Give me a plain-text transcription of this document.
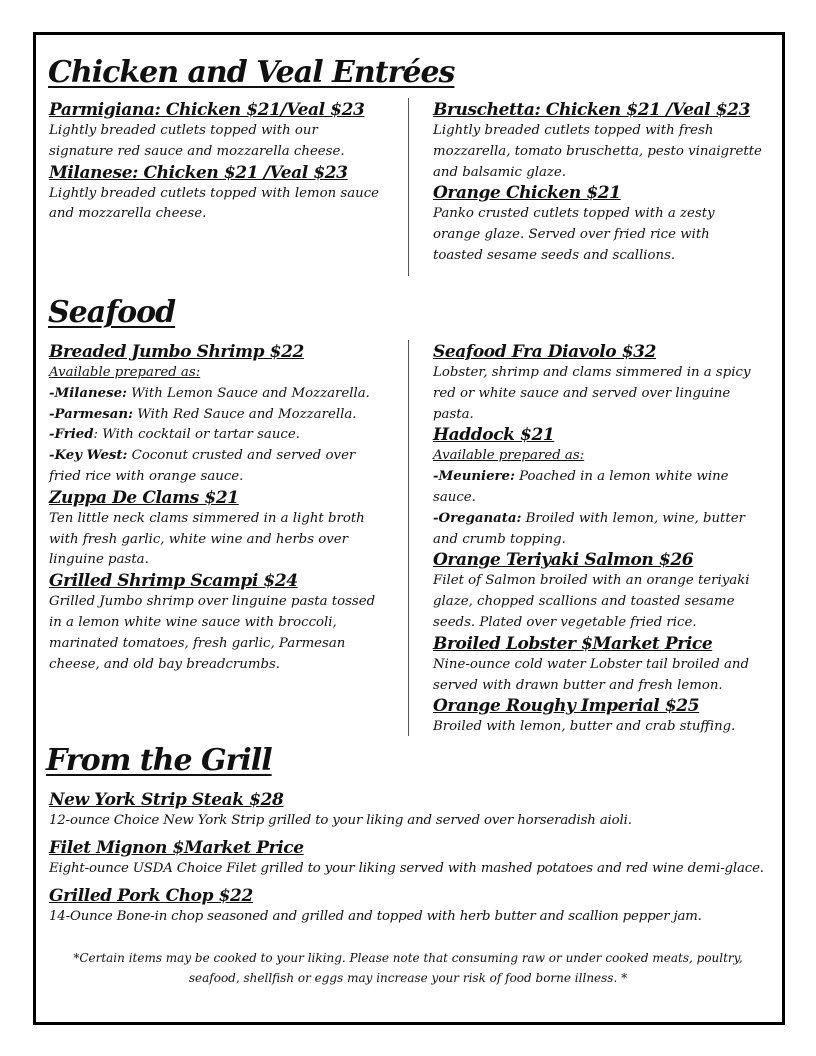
Chicken and Veal Entrées

Parmigiana: Chicken $21/Veal $23

Lightly breaded cutlets topped with our signature red sauce and mozzarella cheese.

Milanese: Chicken $21 /Veal $23

Lightly breaded cutlets topped with lemon sauce and mozzarella cheese.

Bruschetta: Chicken $21 /Veal $23

Lightly breaded cutlets topped with fresh mozzarella, tomato bruschetta, pesto vinaigrette and balsamic glaze.

Orange Chicken $21

Panko crusted cutlets topped with a zesty orange glaze. Served over fried rice with toasted sesame seeds and scallions.

Seafood

Breaded Jumbo Shrimp $22

Available prepared as:

-Milanese: With Lemon Sauce and Mozzarella.

-Parmesan: With Red Sauce and Mozzarella.

-Fried: With cocktail or tartar sauce.

-Key West: Coconut crusted and served over fried rice with orange sauce.

Zuppa De Clams $21

Ten little neck clams simmered in a light broth with fresh garlic, white wine and herbs over linguine pasta.

Grilled Shrimp Scampi $24

Grilled Jumbo shrimp over linguine pasta tossed in a lemon white wine sauce with broccoli, marinated tomatoes, fresh garlic, Parmesan cheese, and old bay breadcrumbs.

Seafood Fra Diavolo $32

Lobster, shrimp and clams simmered in a spicy red or white sauce and served over linguine pasta.

Haddock $21

Available prepared as:

-Meuniere: Poached in a lemon white wine sauce.

-Oreganata: Broiled with lemon, wine, butter and crumb topping.

Orange Teriyaki Salmon $26

Filet of Salmon broiled with an orange teriyaki glaze, chopped scallions and toasted sesame seeds. Plated over vegetable fried rice.

Broiled Lobster $Market Price

Nine-ounce cold water Lobster tail broiled and served with drawn butter and fresh lemon.

Orange Roughy Imperial $25

Broiled with lemon, butter and crab stuffing.

From the Grill

New York Strip Steak $28

12-ounce Choice New York Strip grilled to your liking and served over horseradish aioli.

Filet Mignon $Market Price

Eight-ounce USDA Choice Filet grilled to your liking served with mashed potatoes and red wine demi-glace.

Grilled Pork Chop $22

14-Ounce Bone-in chop seasoned and grilled and topped with herb butter and scallion pepper jam.

*Certain items may be cooked to your liking. Please note that consuming raw or under cooked meats, poultry, seafood, shellfish or eggs may increase your risk of food borne illness. *
